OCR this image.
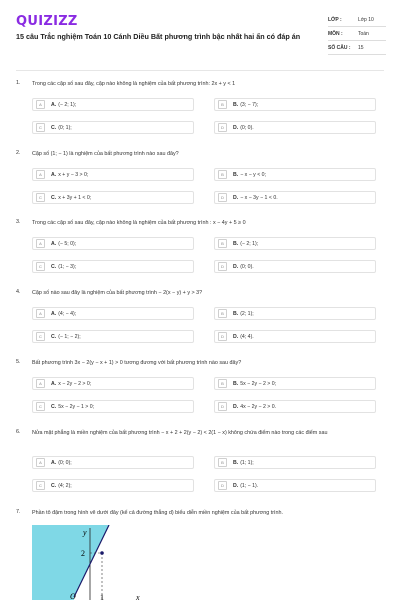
QUIZIZZ
15 câu Trắc nghiệm Toán 10 Cánh Diều Bất phương trình bậc nhất hai ẩn có đáp án
LỚP :	Lớp 10
MÔN :	Toán
SỐ CÂU :	15
1. Trong các cặp số sau đây, cặp nào không là nghiệm của bất phương trình: 2x + y < 1
A	A. (− 2; 1);	B	B. (3; − 7);
C	C. (0; 1);	D	D. (0; 0).
2. Cặp số (1; − 1) là nghiệm của bất phương trình nào sau đây?
A	A. x + y − 3 > 0;	B	B. − x − y < 0;
C	C. x + 3y + 1 < 0;	D	D. − x − 3y − 1 < 0.
3. Trong các cặp số sau đây, cặp nào không là nghiệm của bất phương trình : x − 4y + 5 ≥ 0
A	A. (− 5; 0);	B	B. (− 2; 1);
C	C. (1; − 3);	D	D. (0; 0).
4. Cặp số nào sau đây là nghiệm của bất phương trình − 2(x − y) + y > 3?
A	A. (4; − 4);	B	B. (2; 1);
C	C. (− 1; − 2);	D	D. (4; 4).
5. Bất phương trình 3x − 2(y − x + 1) > 0 tương đương với bất phương trình nào sau đây?
A	A. x − 2y − 2 > 0;	B	B. 5x − 2y − 2 > 0;
C	C. 5x − 2y − 1 > 0;	D	D. 4x − 2y − 2 > 0.
6. Nửa mặt phẳng là miền nghiệm của bất phương trình − x + 2 + 2(y − 2) < 2(1 − x) không chứa điểm nào trong các điểm sau
A	A. (0; 0);	B	B. (1; 1);
C	C. (4; 2);	D	D. (1; − 1).
7. Phần tô đậm trong hình vẽ dưới đây (kể cả đường thẳng d) biểu diễn miền nghiệm của bất phương trình.
y
2
O	1	x
